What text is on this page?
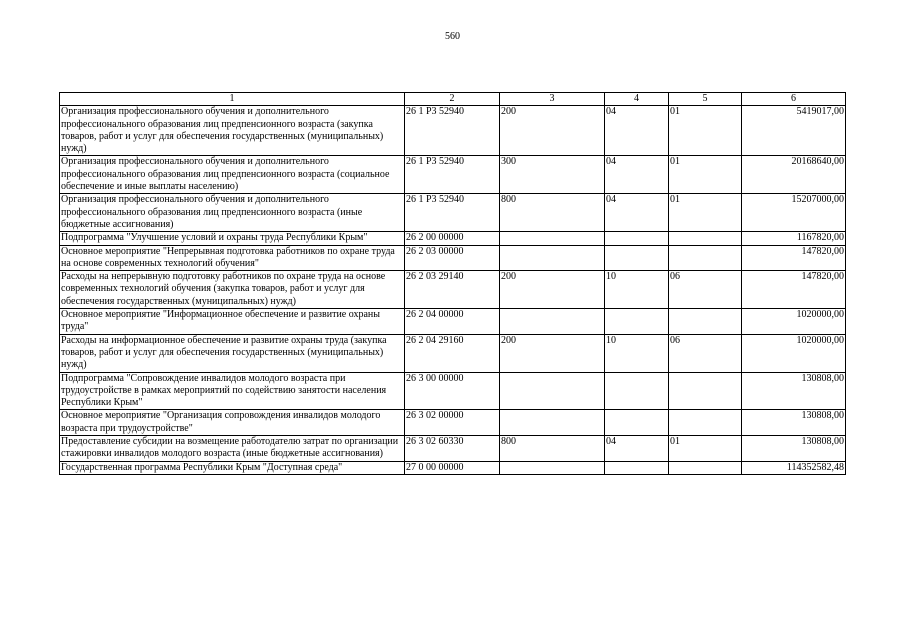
560
1	2	3	4	5	6
Организация профессионального обучения и дополнительного профессионального образования лиц предпенсионного возраста (закупка товаров, работ и услуг для обеспечения государственных (муниципальных) нужд)	26 1 P3 52940	200	04	01	5419017,00
Организация профессионального обучения и дополнительного профессионального образования лиц предпенсионного возраста (социальное обеспечение и иные выплаты населению)	26 1 P3 52940	300	04	01	20168640,00
Организация профессионального обучения и дополнительного профессионального образования лиц предпенсионного возраста (иные бюджетные ассигнования)	26 1 P3 52940	800	04	01	15207000,00
Подпрограмма "Улучшение условий и охраны труда Республики Крым"	26 2 00 00000				1167820,00
Основное мероприятие "Непрерывная подготовка работников по охране труда на основе современных технологий обучения"	26 2 03 00000				147820,00
Расходы на непрерывную подготовку работников по охране труда на основе современных технологий обучения (закупка товаров, работ и услуг для обеспечения государственных (муниципальных) нужд)	26 2 03 29140	200	10	06	147820,00
Основное мероприятие "Информационное обеспечение и развитие охраны труда"	26 2 04 00000				1020000,00
Расходы на информационное обеспечение и развитие охраны труда (закупка товаров, работ и услуг для обеспечения государственных (муниципальных) нужд)	26 2 04 29160	200	10	06	1020000,00
Подпрограмма "Сопровождение инвалидов молодого возраста при трудоустройстве в рамках мероприятий по содействию занятости населения Республики Крым"	26 3 00 00000				130808,00
Основное мероприятие "Организация сопровождения инвалидов молодого возраста при трудоустройстве"	26 3 02 00000				130808,00
Предоставление субсидии на возмещение работодателю затрат по организации стажировки инвалидов молодого возраста (иные бюджетные ассигнования)	26 3 02 60330	800	04	01	130808,00
Государственная программа Республики Крым "Доступная среда"	27 0 00 00000				114352582,48
